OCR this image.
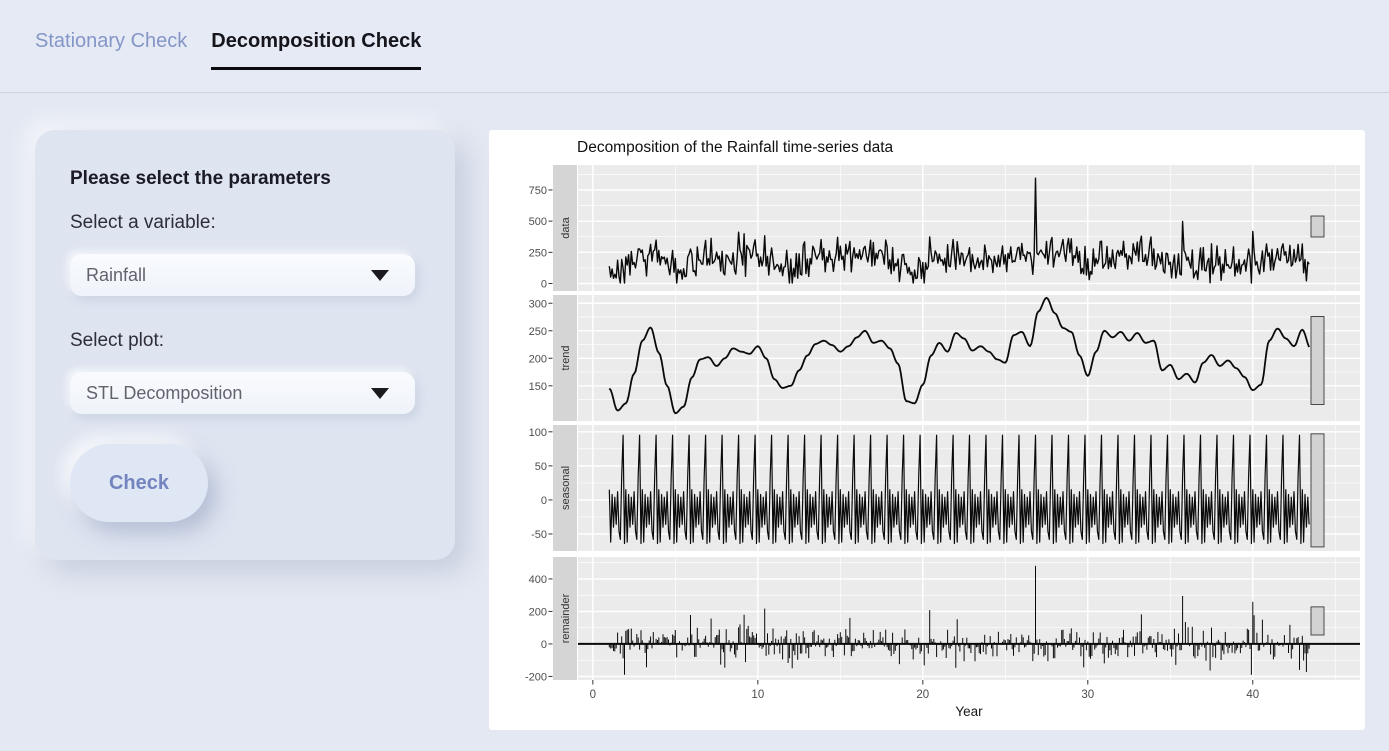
Stationary Check Decomposition Check
Please select the parameters
Select a variable:
Rainfall
Select plot:
STL Decomposition
Check
Decomposition of the Rainfall time-series data
data
0
250
500
750
trend
150
200
250
300
seasonal
-50
0
50
100
remainder
-200
0
200
400
0	10	20	30	40
Year
